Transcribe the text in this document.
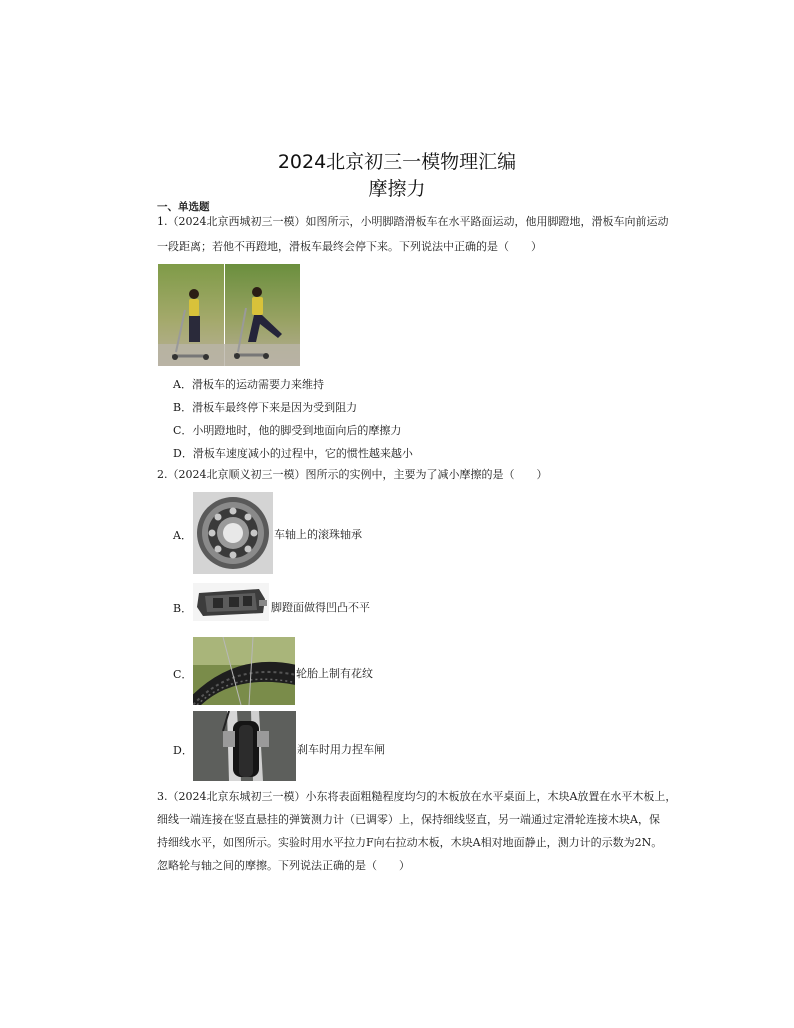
2024北京初三一模物理汇编
摩擦力
一、单选题
1.（2024北京西城初三一模）如图所示，小明脚踏滑板车在水平路面运动，他用脚蹬地，滑板车向前运动
一段距离；若他不再蹬地，滑板车最终会停下来。下列说法中正确的是（　　）
A．滑板车的运动需要力来维持
B．滑板车最终停下来是因为受到阻力
C．小明蹬地时，他的脚受到地面向后的摩擦力
D．滑板车速度减小的过程中，它的惯性越来越小
2.（2024北京顺义初三一模）图所示的实例中，主要为了减小摩擦的是（　　）
A．	车轴上的滚珠轴承
B．	脚蹬面做得凹凸不平
C．	轮胎上制有花纹
D．	刹车时用力捏车闸
3.（2024北京东城初三一模）小东将表面粗糙程度均匀的木板放在水平桌面上，木块A放置在水平木板上，
细线一端连接在竖直悬挂的弹簧测力计（已调零）上，保持细线竖直，另一端通过定滑轮连接木块A，保
持细线水平，如图所示。实验时用水平拉力F向右拉动木板，木块A相对地面静止，测力计的示数为2N。
忽略轮与轴之间的摩擦。下列说法正确的是（　　）
